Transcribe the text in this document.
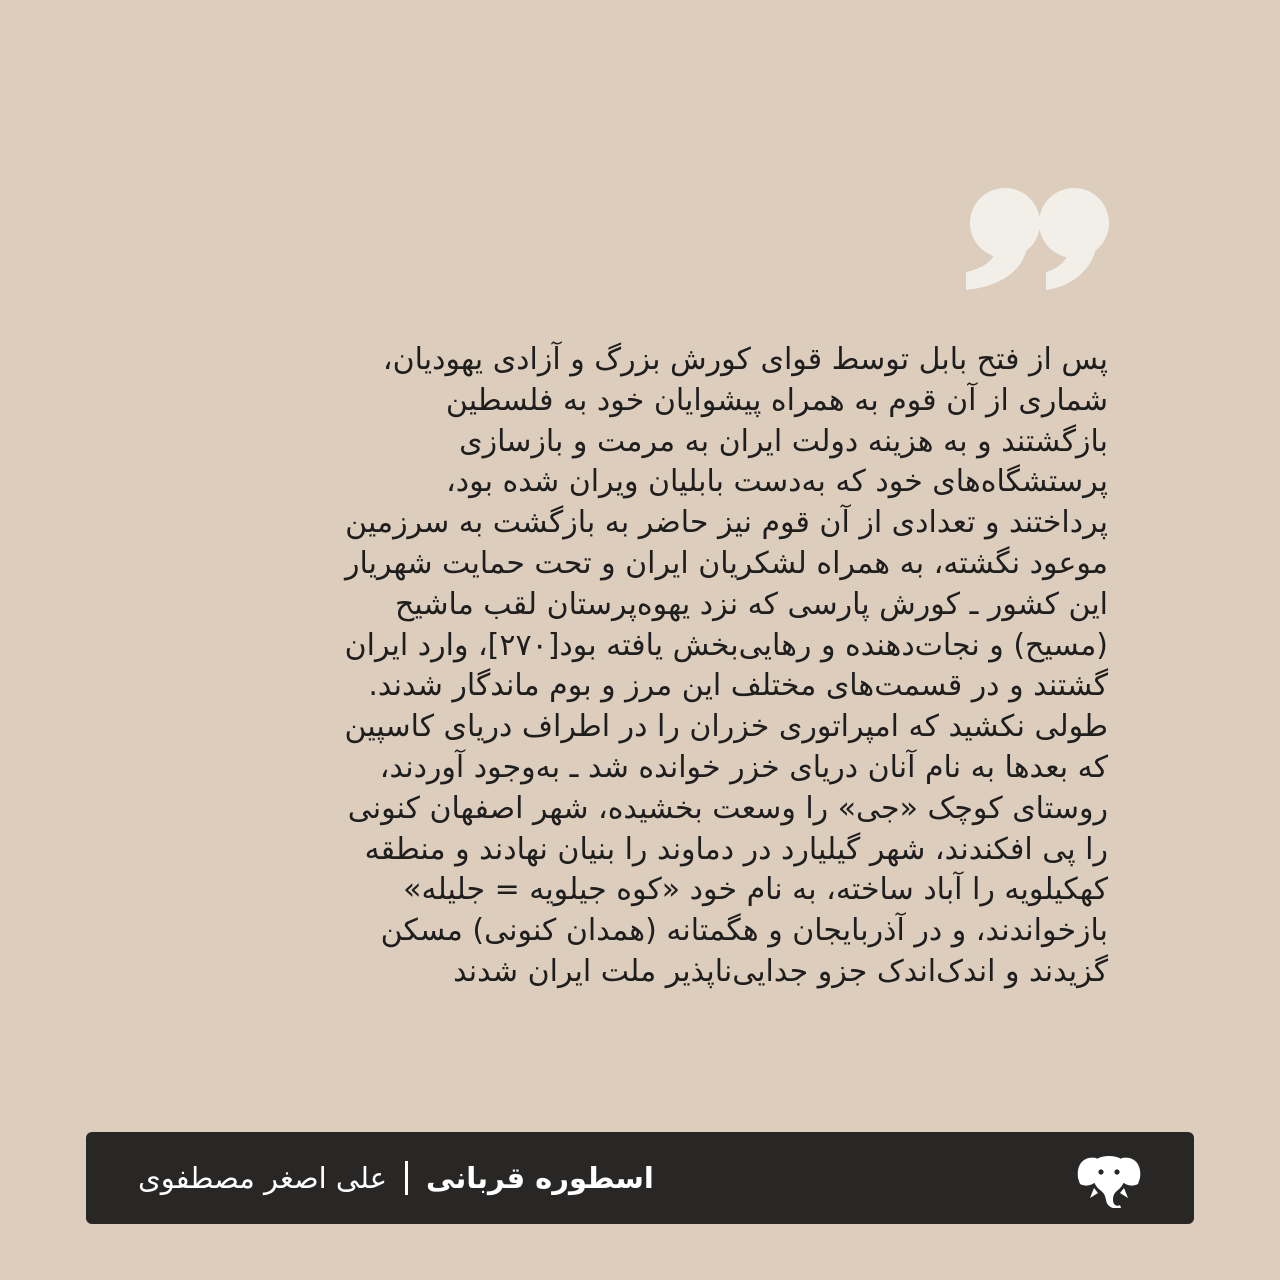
پس از فتح بابل توسط قوای کورش بزرگ و آزادی یهودیان،
شماری از آن قوم به همراه پیشوایان خود به فلسطین
بازگشتند و به هزینه دولت ایران به مرمت و بازسازی
پرستشگاه‌های خود که به‌دست بابلیان ویران شده بود،
پرداختند و تعدادی از آن قوم نیز حاضر به بازگشت به سرزمین
موعود نگشته، به همراه لشکریان ایران و تحت حمایت شهریار
این کشور ـ کورش پارسی که نزد یهوه‌پرستان لقب ماشیح
(مسیح) و نجات‌دهنده و رهایی‌بخش یافته بود[۲۷۰]، وارد ایران
گشتند و در قسمت‌های مختلف این مرز و بوم ماندگار شدند.
طولی نکشید که امپراتوری خزران را در اطراف دریای کاسپین
که بعدها به نام آنان دریای خزر خوانده شد ـ به‌وجود آوردند،
روستای کوچک «جی» را وسعت بخشیده، شهر اصفهان کنونی
را پی افکندند، شهر گیلیارد در دماوند را بنیان نهادند و منطقه
کهکیلویه را آباد ساخته، به نام خود «کوه جیلویه = جلیله»
بازخواندند، و در آذربایجان و هگمتانه (همدان کنونی) مسکن
گزیدند و اندک‌اندک جزو جدایی‌ناپذیر ملت ایران شدند
اسطوره قربانی
علی اصغر مصطفوی
